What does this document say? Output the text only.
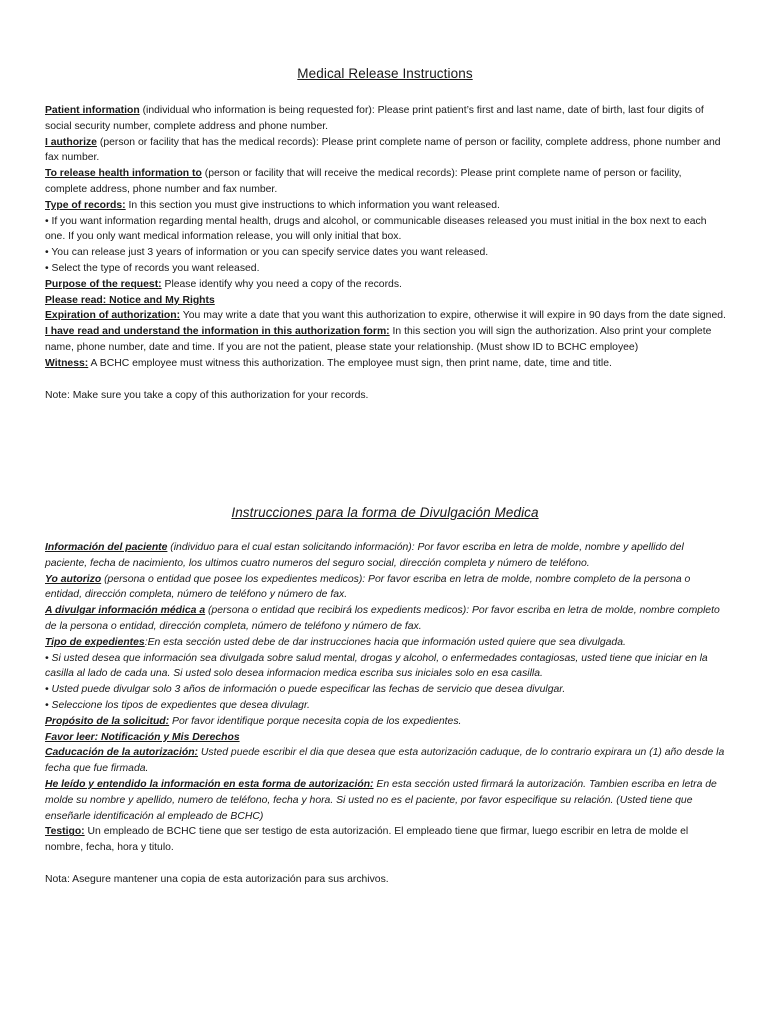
Medical Release Instructions

Patient information (individual who information is being requested for): Please print patient’s first and last name, date of birth, last four digits of social security number, complete address and phone number.

I authorize (person or facility that has the medical records): Please print complete name of person or facility, complete address, phone number and fax number.

To release health information to (person or facility that will receive the medical records): Please print complete name of person or facility, complete address, phone number and fax number.

Type of records: In this section you must give instructions to which information you want released.

• If you want information regarding mental health, drugs and alcohol, or communicable diseases released you must initial in the box next to each one. If you only want medical information release, you will only initial that box.

• You can release just 3 years of information or you can specify service dates you want released.

• Select the type of records you want released.

Purpose of the request: Please identify why you need a copy of the records.

Please read: Notice and My Rights

Expiration of authorization: You may write a date that you want this authorization to expire, otherwise it will expire in 90 days from the date signed.

I have read and understand the information in this authorization form: In this section you will sign the authorization. Also print your complete name, phone number, date and time. If you are not the patient, please state your relationship. (Must show ID to BCHC employee)

Witness: A BCHC employee must witness this authorization. The employee must sign, then print name, date, time and title.

Note: Make sure you take a copy of this authorization for your records.

Instrucciones para la forma de Divulgación Medica

Información del paciente (individuo para el cual estan solicitando información): Por favor escriba en letra de molde, nombre y apellido del paciente, fecha de nacimiento, los ultimos cuatro numeros del seguro social, dirección completa y número de teléfono.

Yo autorizo (persona o entidad que posee los expedientes medicos): Por favor escriba en letra de molde, nombre completo de la persona o entidad, dirección completa, número de teléfono y número de fax.

A divulgar información médica a (persona o entidad que recibirá los expedients medicos): Por favor escriba en letra de molde, nombre completo de la persona o entidad, dirección completa, número de teléfono y número de fax.

Tipo de expedientes:En esta sección usted debe de dar instrucciones hacia que información usted quiere que sea divulgada.

• Si usted desea que información sea divulgada sobre salud mental, drogas y alcohol, o enfermedades contagiosas, usted tiene que iniciar en la casilla al lado de cada una. Si usted solo desea informacion medica escriba sus iniciales solo en esa casilla.

• Usted puede divulgar solo 3 años de información o puede especificar las fechas de servicio que desea divulgar.

• Seleccione los tipos de expedientes que desea divulagr.

Propósito de la solicitud: Por favor identifique porque necesita copia de los expedientes.

Favor leer: Notificación y Mis Derechos

Caducación de la autorización: Usted puede escribir el dia que desea que esta autorización caduque, de lo contrario expirara un (1) año desde la fecha que fue firmada.

He leído y entendido la información en esta forma de autorización: En esta sección usted firmará la autorización. Tambien escriba en letra de molde su nombre y apellido, numero de teléfono, fecha y hora. Si usted no es el paciente, por favor especifique su relación. (Usted tiene que enseñarle identificación al empleado de BCHC)

Testigo: Un empleado de BCHC tiene que ser testigo de esta autorización. El empleado tiene que firmar, luego escribir en letra de molde el nombre, fecha, hora y titulo.

Nota: Asegure mantener una copia de esta autorización para sus archivos.
